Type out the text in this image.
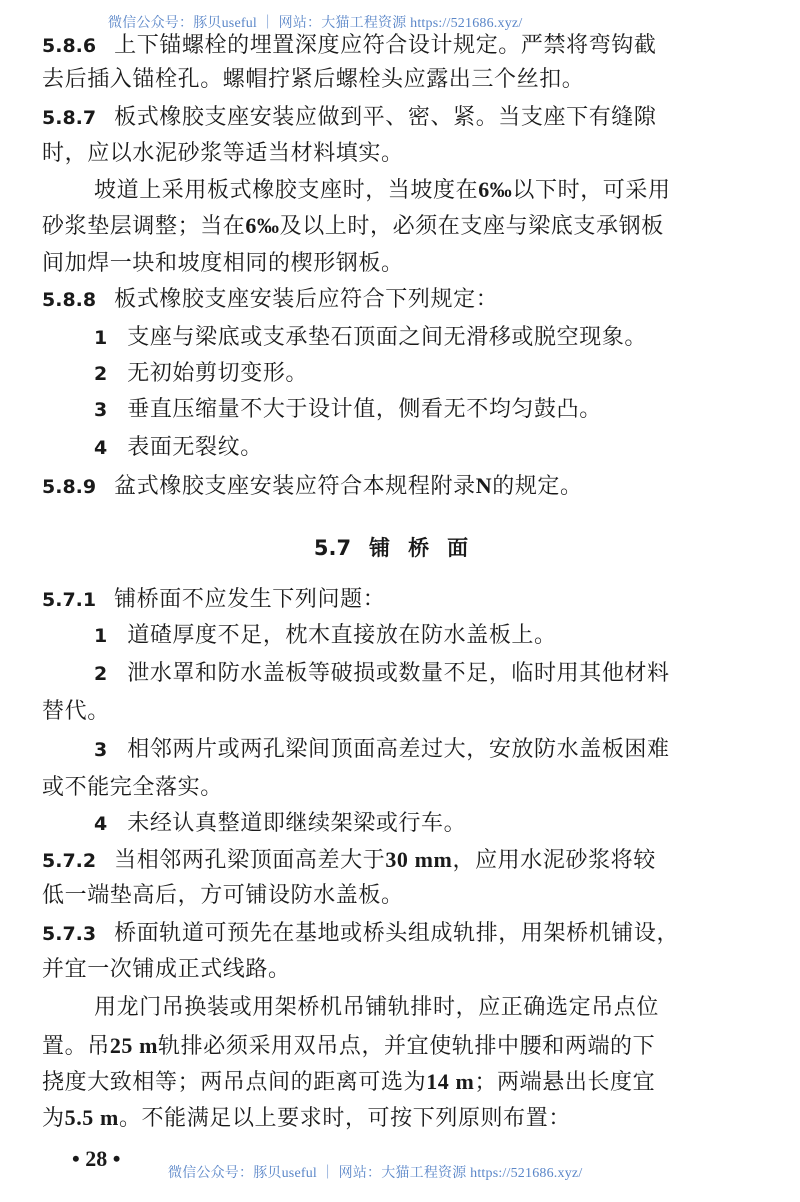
微信公众号：豚贝useful ｜ 网站：大猫工程资源 https://521686.xyz/
5.8.6 上下锚螺栓的埋置深度应符合设计规定。严禁将弯钩截
去后插入锚栓孔。螺帽拧紧后螺栓头应露出三个丝扣。
5.8.7 板式橡胶支座安装应做到平、密、紧。当支座下有缝隙
时，应以水泥砂浆等适当材料填实。
坡道上采用板式橡胶支座时，当坡度在6‰以下时，可采用
砂浆垫层调整；当在6‰及以上时，必须在支座与梁底支承钢板
间加焊一块和坡度相同的楔形钢板。
5.8.8 板式橡胶支座安装后应符合下列规定：
1 支座与梁底或支承垫石顶面之间无滑移或脱空现象。
2 无初始剪切变形。
3 垂直压缩量不大于设计值，侧看无不均匀鼓凸。
4 表面无裂纹。
5.8.9 盆式橡胶支座安装应符合本规程附录N的规定。
5.7 铺桥面
5.7.1 铺桥面不应发生下列问题：
1 道碴厚度不足，枕木直接放在防水盖板上。
2 泄水罩和防水盖板等破损或数量不足，临时用其他材料
替代。
3 相邻两片或两孔梁间顶面高差过大，安放防水盖板困难
或不能完全落实。
4 未经认真整道即继续架梁或行车。
5.7.2 当相邻两孔梁顶面高差大于30 mm，应用水泥砂浆将较
低一端垫高后，方可铺设防水盖板。
5.7.3 桥面轨道可预先在基地或桥头组成轨排，用架桥机铺设，
并宜一次铺成正式线路。
用龙门吊换装或用架桥机吊铺轨排时，应正确选定吊点位
置。吊25 m轨排必须采用双吊点，并宜使轨排中腰和两端的下
挠度大致相等；两吊点间的距离可选为14 m；两端悬出长度宜
为5.5 m。不能满足以上要求时，可按下列原则布置：
• 28 •
微信公众号：豚贝useful ｜ 网站：大猫工程资源 https://521686.xyz/
